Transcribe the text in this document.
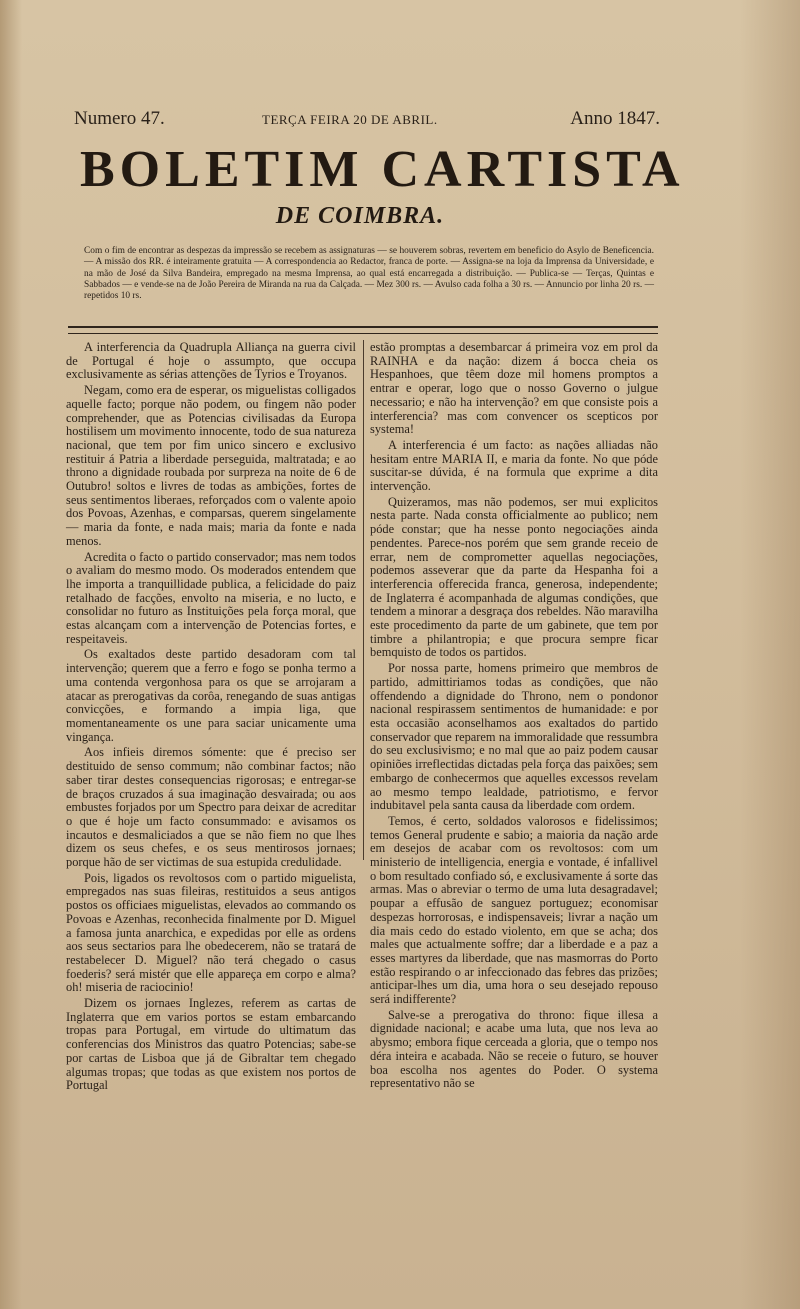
Numero 47.	TERÇA FEIRA 20 DE ABRIL.	Anno 1847.
BOLETIM CARTISTA
DE COIMBRA.
Com o fim de encontrar as despezas da impressão se recebem as assignaturas — se houverem sobras, revertem em beneficio do Asylo de Beneficencia. — A missão dos RR. é inteiramente gratuita — A correspondencia ao Redactor, franca de porte. — Assigna-se na loja da Imprensa da Universidade, e na mão de José da Silva Bandeira, empregado na mesma Imprensa, ao qual está encarregada a distribuição. — Publica-se — Terças, Quintas e Sabbados — e vende-se na de João Pereira de Miranda na rua da Calçada. — Mez 300 rs. — Avulso cada folha a 30 rs. — Annuncio por linha 20 rs. — repetidos 10 rs.

A interferencia da Quadrupla Alliança na guerra civil de Portugal é hoje o assumpto, que occupa exclusivamente as sérias attenções de Tyrios e Troyanos.

Negam, como era de esperar, os miguelistas colligados aquelle facto; porque não podem, ou fingem não poder comprehender, que as Potencias civilisadas da Europa hostilisem um movimento innocente, todo de sua natureza nacional, que tem por fim unico sincero e exclusivo restituir á Patria a liberdade perseguida, maltratada; e ao throno a dignidade roubada por surpreza na noite de 6 de Outubro! soltos e livres de todas as ambições, fortes de seus sentimentos liberaes, reforçados com o valente apoio dos Povoas, Azenhas, e comparsas, querem singelamente — maria da fonte, e nada mais; maria da fonte e nada menos.

Acredita o facto o partido conservador; mas nem todos o avaliam do mesmo modo. Os moderados entendem que lhe importa a tranquillidade publica, a felicidade do paiz retalhado de facções, envolto na miseria, e no lucto, e consolidar no futuro as Instituições pela força moral, que estas alcançam com a intervenção de Potencias fortes, e respeitaveis.

Os exaltados deste partido desadoram com tal intervenção; querem que a ferro e fogo se ponha termo a uma contenda vergonhosa para os que se arrojaram a atacar as prerogativas da corôa, renegando de suas antigas convicções, e formando a impia liga, que momentaneamente os une para saciar unicamente uma vingança.

Aos infieis diremos sómente: que é preciso ser destituido de senso commum; não combinar factos; não saber tirar destes consequencias rigorosas; e entregar-se de braços cruzados á sua imaginação desvairada; ou aos embustes forjados por um Spectro para deixar de acreditar o que é hoje um facto consummado: e avisamos os incautos e desmaliciados a que se não fiem no que lhes dizem os seus chefes, e os seus mentirosos jornaes; porque hão de ser victimas de sua estupida credulidade.

Pois, ligados os revoltosos com o partido miguelista, empregados nas suas fileiras, restituidos a seus antigos postos os officiaes miguelistas, elevados ao commando os Povoas e Azenhas, reconhecida finalmente por D. Miguel a famosa junta anarchica, e expedidas por elle as ordens aos seus sectarios para lhe obedecerem, não se tratará de restabelecer D. Miguel? não terá chegado o casus foederis? será mistér que elle appareça em corpo e alma? oh! miseria de raciocinio!

Dizem os jornaes Inglezes, referem as cartas de Inglaterra que em varios portos se estam embarcando tropas para Portugal, em virtude do ultimatum das conferencias dos Ministros das quatro Potencias; sabe-se por cartas de Lisboa que já de Gibraltar tem chegado algumas tropas; que todas as que existem nos portos de Portugal

estão promptas a desembarcar á primeira voz em prol da RAINHA e da nação: dizem á bocca cheia os Hespanhoes, que têem doze mil homens promptos a entrar e operar, logo que o nosso Governo o julgue necessario; e não ha intervenção? em que consiste pois a interferencia? mas com convencer os scepticos por systema!

A interferencia é um facto: as nações alliadas não hesitam entre MARIA II, e maria da fonte. No que póde suscitar-se dúvida, é na formula que exprime a dita intervenção.

Quizeramos, mas não podemos, ser mui explicitos nesta parte. Nada consta officialmente ao publico; nem póde constar; que ha nesse ponto negociações ainda pendentes. Parece-nos porém que sem grande receio de errar, nem de comprometter aquellas negociações, podemos asseverar que da parte da Hespanha foi a interferencia offerecida franca, generosa, independente; de Inglaterra é acompanhada de algumas condições, que tendem a minorar a desgraça dos rebeldes. Não maravilha este procedimento da parte de um gabinete, que tem por timbre a philantropia; e que procura sempre ficar bemquisto de todos os partidos.

Por nossa parte, homens primeiro que membros de partido, admittiriamos todas as condições, que não offendendo a dignidade do Throno, nem o pondonor nacional respirassem sentimentos de humanidade: e por esta occasião aconselhamos aos exaltados do partido conservador que reparem na immoralidade que ressumbra do seu exclusivismo; e no mal que ao paiz podem causar opiniões irreflectidas dictadas pela força das paixões; sem embargo de conhecermos que aquelles excessos revelam ao mesmo tempo lealdade, patriotismo, e fervor indubitavel pela santa causa da liberdade com ordem.

Temos, é certo, soldados valorosos e fidelissimos; temos General prudente e sabio; a maioria da nação arde em desejos de acabar com os revoltosos: com um ministerio de intelligencia, energia e vontade, é infallivel o bom resultado confiado só, e exclusivamente á sorte das armas. Mas o abreviar o termo de uma luta desagradavel; poupar a effusão de sanguez portuguez; economisar despezas horrorosas, e indispensaveis; livrar a nação um dia mais cedo do estado violento, em que se acha; dos males que actualmente soffre; dar a liberdade e a paz a esses martyres da liberdade, que nas masmorras do Porto estão respirando o ar infeccionado das febres das prizões; anticipar-lhes um dia, uma hora o seu desejado repouso será indifferente?

Salve-se a prerogativa do throno: fique illesa a dignidade nacional; e acabe uma luta, que nos leva ao abysmo; embora fique cerceada a gloria, que o tempo nos déra inteira e acabada. Não se receie o futuro, se houver boa escolha nos agentes do Poder. O systema representativo não se
